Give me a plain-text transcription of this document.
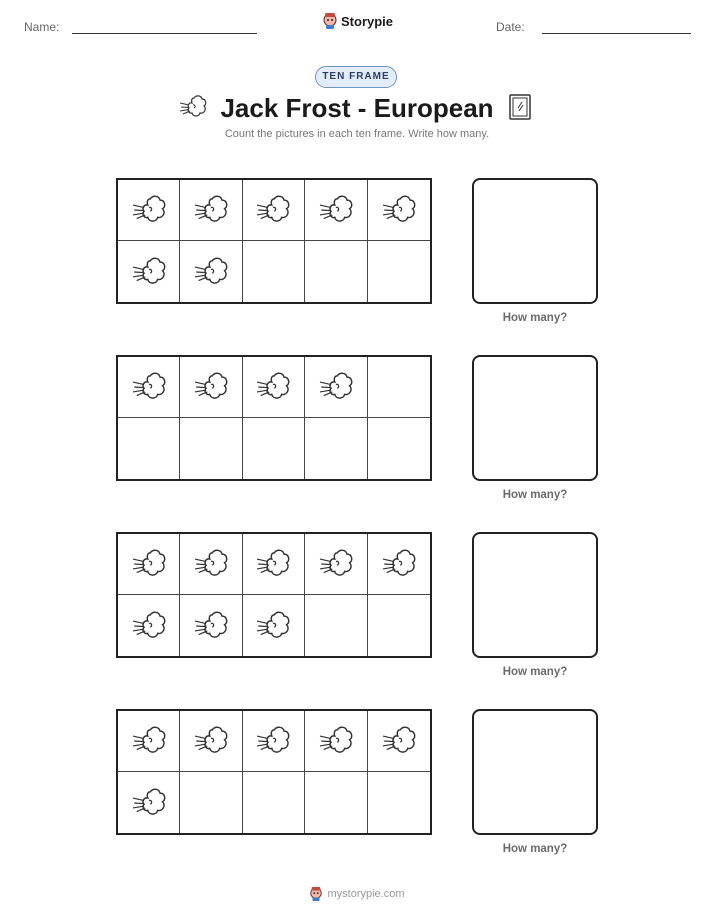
Name:	Storypie	Date:
TEN FRAME
Jack Frost - European
Count the pictures in each ten frame. Write how many.
How many?
How many?
How many?
How many?
mystorypie.com
